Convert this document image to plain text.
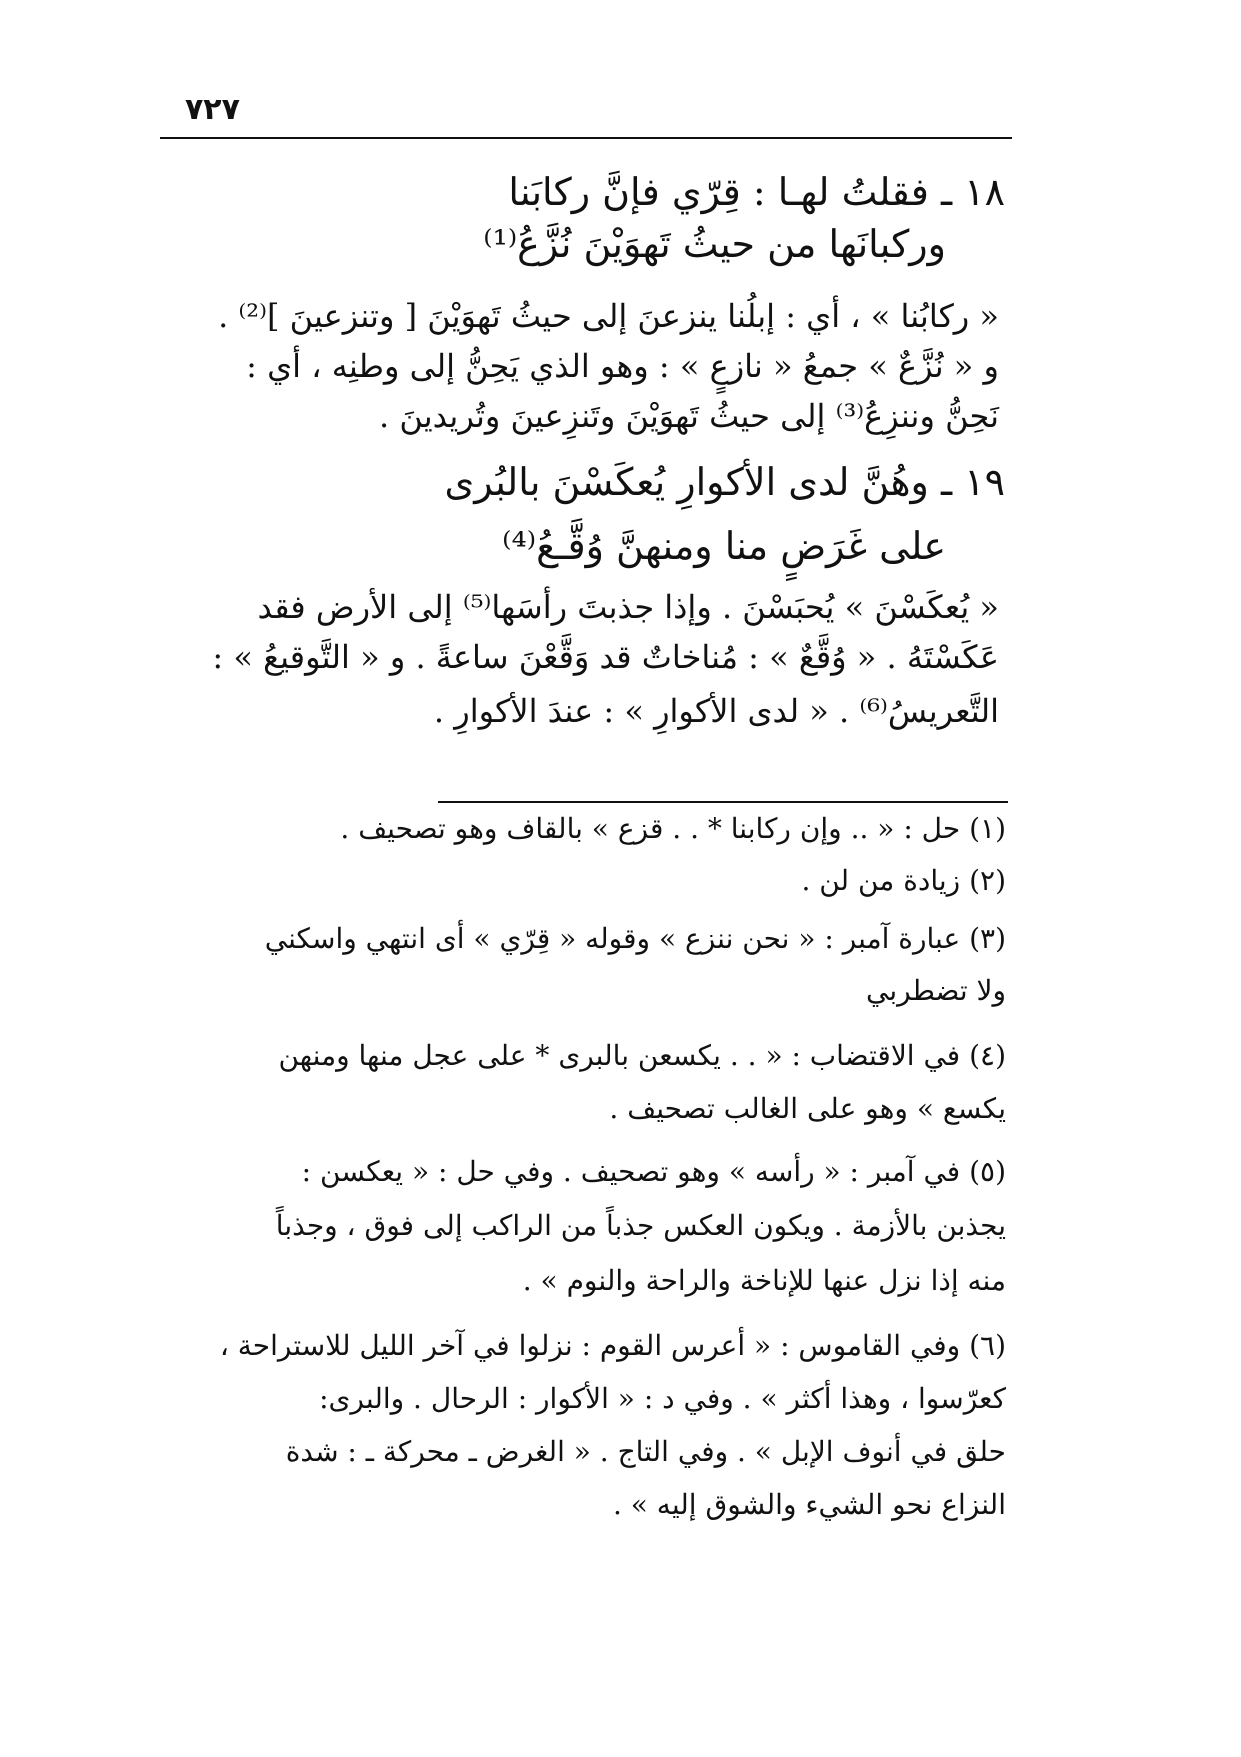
٧٢٧
١٨ ـ فقلتُ لهـا : قِرّي فإنَّ ركابَنا
وركبانَها من حيثُ تَهوَيْنَ نُزَّعُ⁽¹⁾
« ركابُنا » ، أي : إبلُنا ينزعنَ إلى حيثُ تَهوَيْنَ [ وتنزعينَ ]⁽²⁾ .
و « نُزَّعٌ » جمعُ « نازعٍ » : وهو الذي يَحِنُّ إلى وطنِه ، أي :
نَحِنُّ وننزِعُ⁽³⁾ إلى حيثُ تَهوَيْنَ وتَنزِعينَ وتُريدينَ .
١٩ ـ وهُنَّ لدى الأكوارِ يُعكَسْنَ بالبُرى
على غَرَضٍ منا ومنهنَّ وُقَّـعُ⁽⁴⁾
« يُعكَسْنَ » يُحبَسْنَ . وإذا جذبتَ رأسَها⁽⁵⁾ إلى الأرض فقد
عَكَسْتَهُ . « وُقَّعٌ » : مُناخاتٌ قد وَقَّعْنَ ساعةً . و « التَّوقيعُ » :
التَّعريسُ⁽⁶⁾ . « لدى الأكوارِ » : عندَ الأكوارِ .
(١) حل : « .. وإن ركابنا * . . قزع » بالقاف وهو تصحيف .
(٢) زيادة من لن .
(٣) عبارة آمبر : « نحن ننزع » وقوله « قِرّي » أى انتهي واسكني
ولا تضطربي
(٤) في الاقتضاب : « . . يكسعن بالبرى * على عجل منها ومنهن
يكسع » وهو على الغالب تصحيف .
(٥) في آمبر : « رأسه » وهو تصحيف . وفي حل : « يعكسن :
يجذبن بالأزمة . ويكون العكس جذباً من الراكب إلى فوق ، وجذباً
منه إذا نزل عنها للإناخة والراحة والنوم » .
(٦) وفي القاموس : « أعرس القوم : نزلوا في آخر الليل للاستراحة ،
كعرّسوا ، وهذا أكثر » . وفي د : « الأكوار : الرحال . والبرى:
حلق في أنوف الإبل » . وفي التاج . « الغرض ـ محركة ـ : شدة
النزاع نحو الشيء والشوق إليه » .
